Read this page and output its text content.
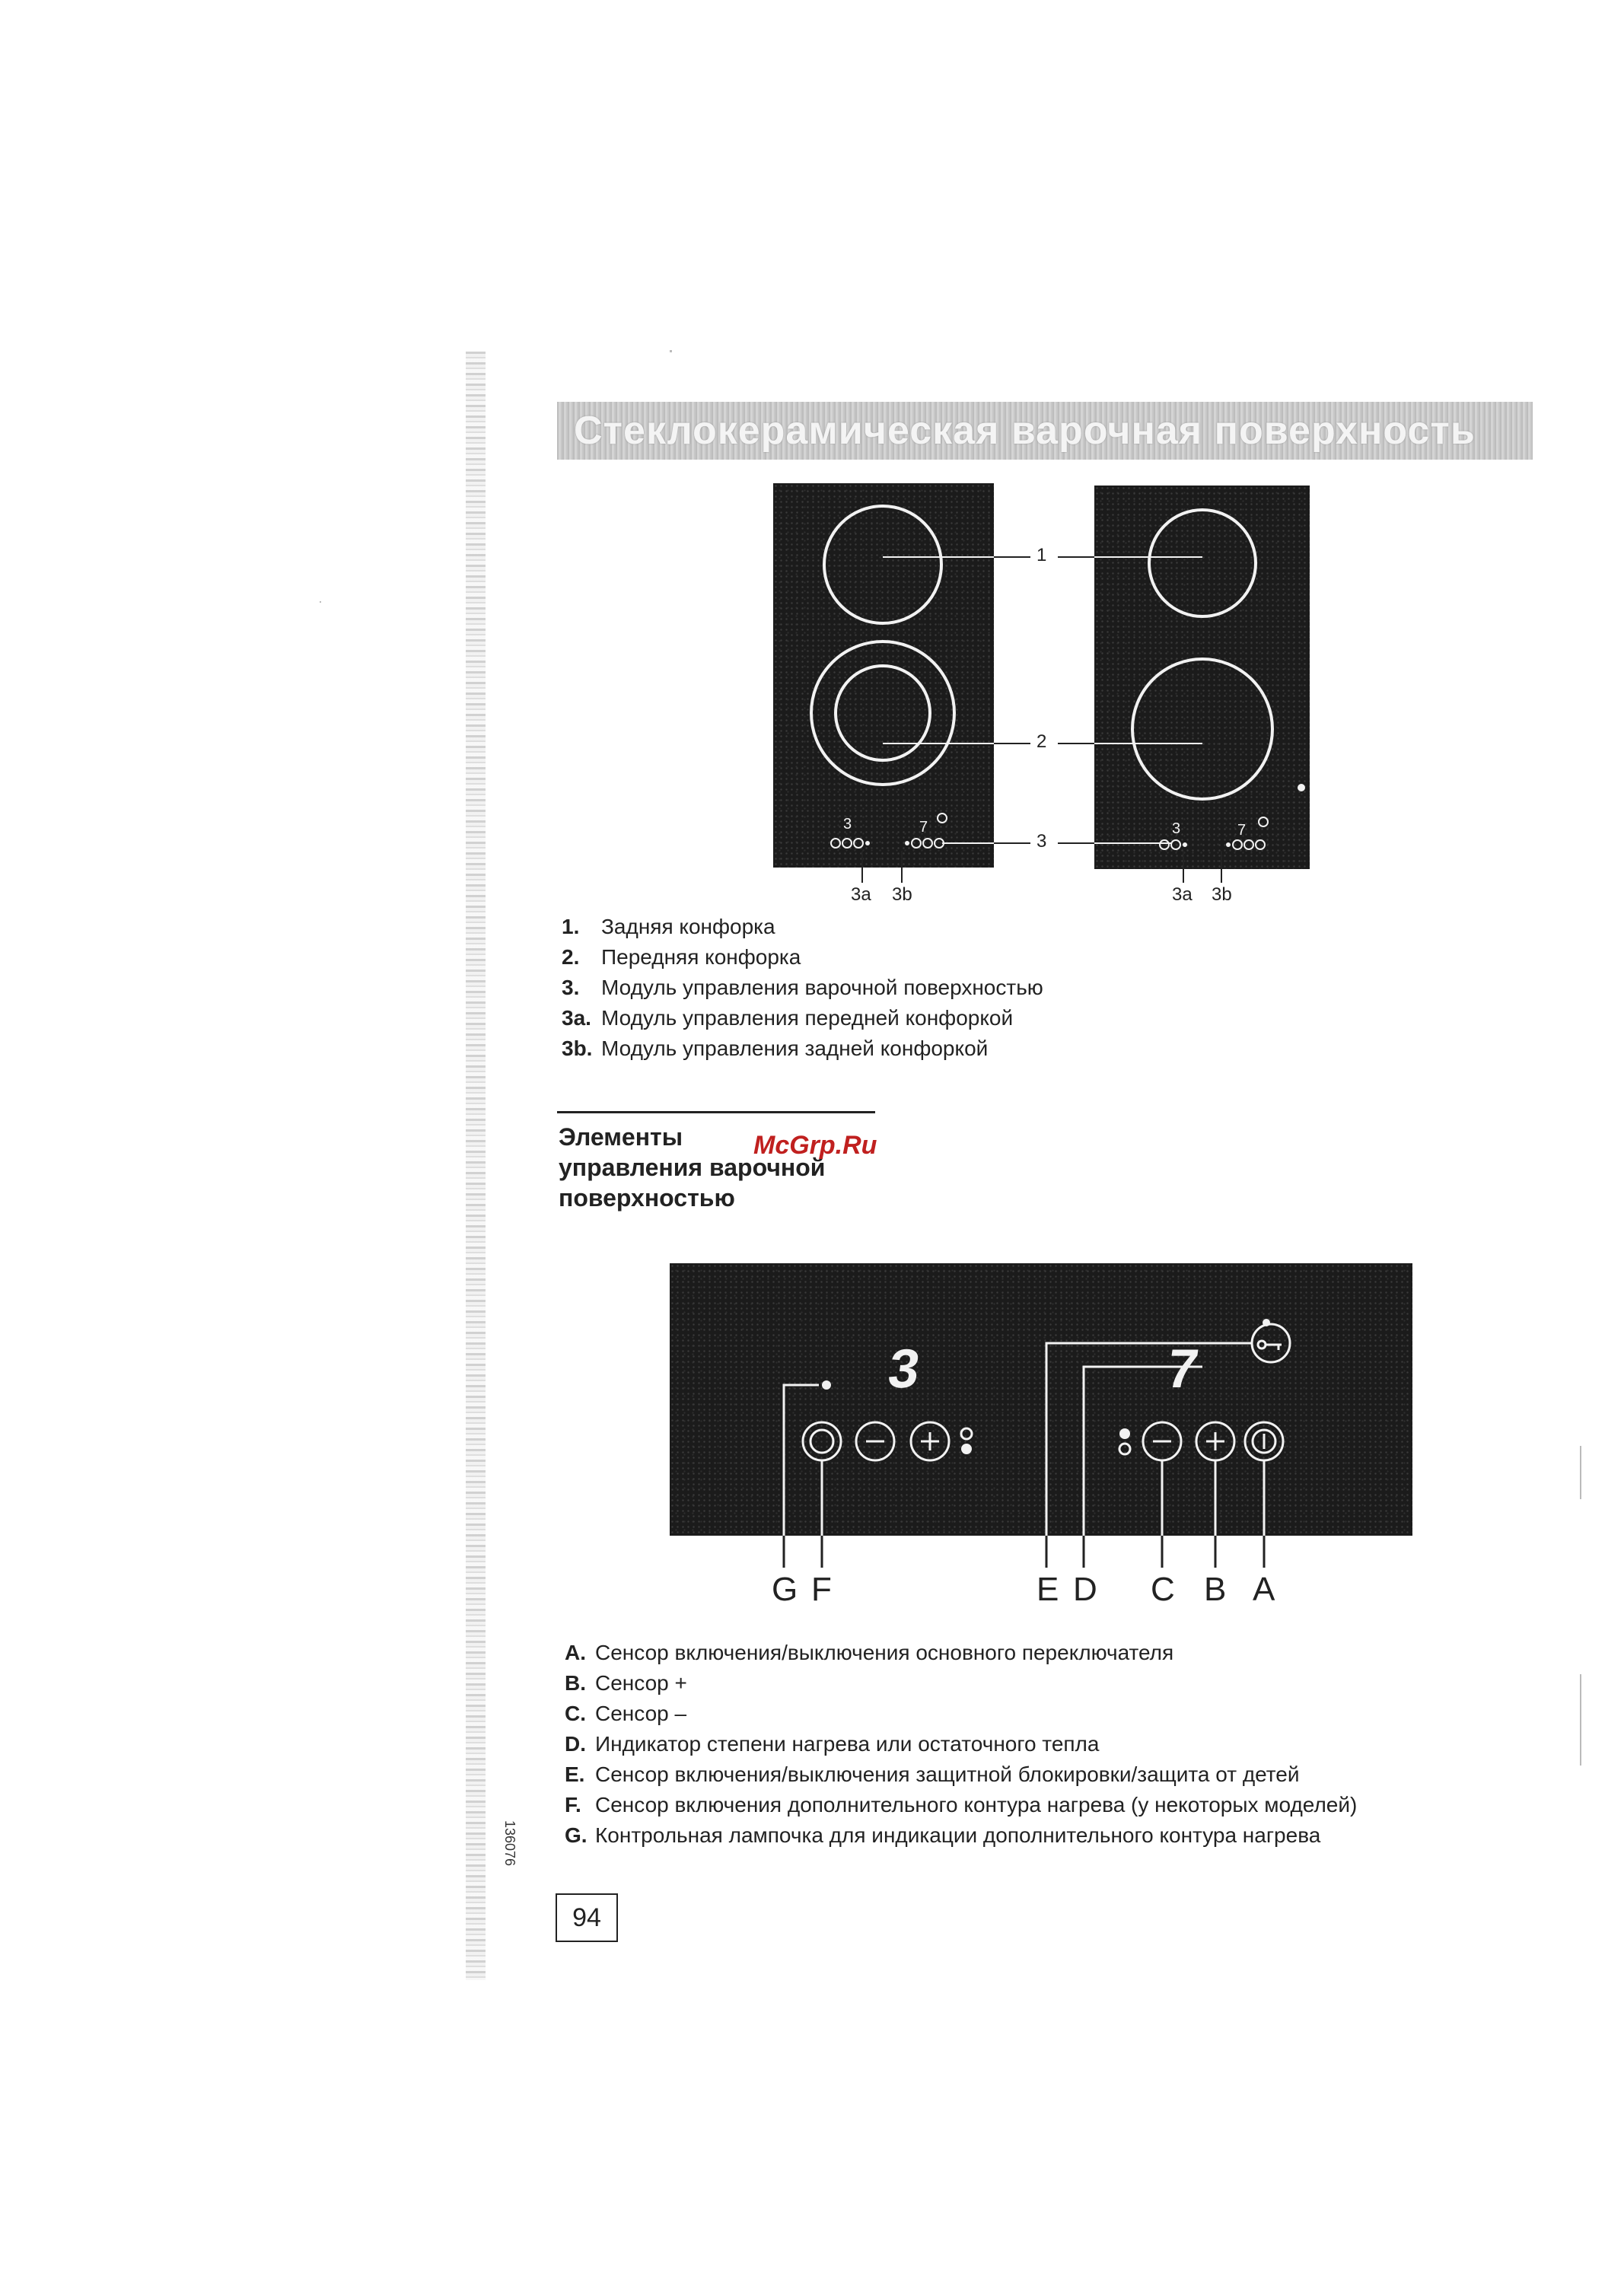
Стеклокерамическая варочная поверхность
3	7	3	7
1
2
3
3a 3b	3a 3b
1.	Задняя конфорка
2.	Передняя конфорка
3.	Модуль управления варочной поверхностью
3a. Модуль управления передней конфоркой
3b. Модуль управления задней конфоркой
Элементы
управления варочной
поверхностью
McGrp.Ru
3	7
G F	E D C B A
A. Сенсор включения/выключения основного переключателя
B. Сенсор +
C. Сенсор –
D. Индикатор степени нагрева или остаточного тепла
E. Сенсор включения/выключения защитной блокировки/защита от детей
F. Сенсор включения дополнительного контура нагрева (у некоторых моделей)
G. Контрольная лампочка для индикации дополнительного контура нагрева
136076
94
